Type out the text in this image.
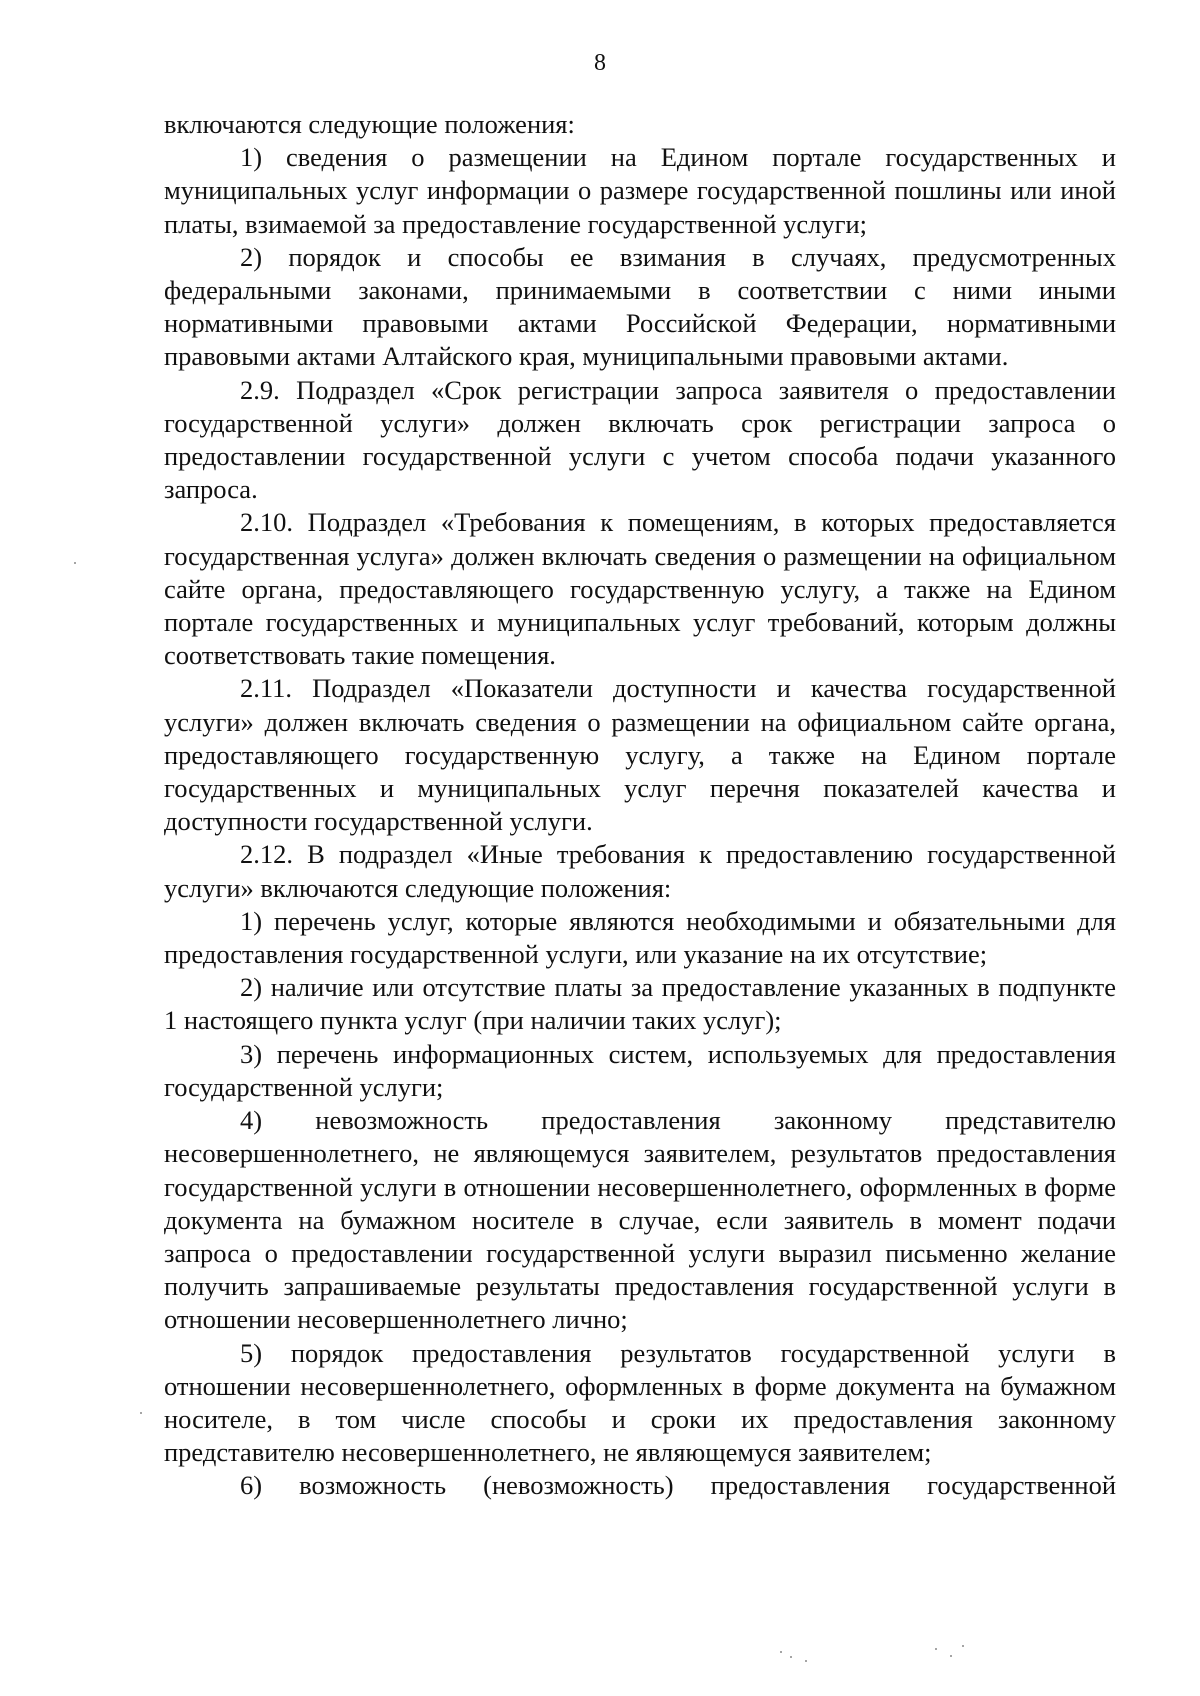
8

включаются следующие положения:

1) сведения о размещении на Едином портале государственных и муниципальных услуг информации о размере государственной пошлины или иной платы, взимаемой за предоставление государственной услуги;

2) порядок и способы ее взимания в случаях, предусмотренных федеральными законами, принимаемыми в соответствии с ними иными нормативными правовыми актами Российской Федерации, нормативными правовыми актами Алтайского края, муниципальными правовыми актами.

2.9. Подраздел «Срок регистрации запроса заявителя о предоставлении государственной услуги» должен включать срок регистрации запроса о предоставлении государственной услуги с учетом способа подачи указанного запроса.

2.10. Подраздел «Требования к помещениям, в которых предоставляется государственная услуга» должен включать сведения о размещении на официальном сайте органа, предоставляющего государственную услугу, а также на Едином портале государственных и муниципальных услуг требований, которым должны соответствовать такие помещения.

2.11. Подраздел «Показатели доступности и качества государственной услуги» должен включать сведения о размещении на официальном сайте органа, предоставляющего государственную услугу, а также на Едином портале государственных и муниципальных услуг перечня показателей качества и доступности государственной услуги.

2.12. В подраздел «Иные требования к предоставлению государственной услуги» включаются следующие положения:

1) перечень услуг, которые являются необходимыми и обязательными для предоставления государственной услуги, или указание на их отсутствие;

2) наличие или отсутствие платы за предоставление указанных в подпункте 1 настоящего пункта услуг (при наличии таких услуг);

3) перечень информационных систем, используемых для предоставления государственной услуги;

4) невозможность предоставления законному представителю несовершеннолетнего, не являющемуся заявителем, результатов предоставления государственной услуги в отношении несовершеннолетнего, оформленных в форме документа на бумажном носителе в случае, если заявитель в момент подачи запроса о предоставлении государственной услуги выразил письменно желание получить запрашиваемые результаты предоставления государственной услуги в отношении несовершеннолетнего лично;

5) порядок предоставления результатов государственной услуги в отношении несовершеннолетнего, оформленных в форме документа на бумажном носителе, в том числе способы и сроки их предоставления законному представителю несовершеннолетнего, не являющемуся заявителем;

6) возможность (невозможность) предоставления государственной
